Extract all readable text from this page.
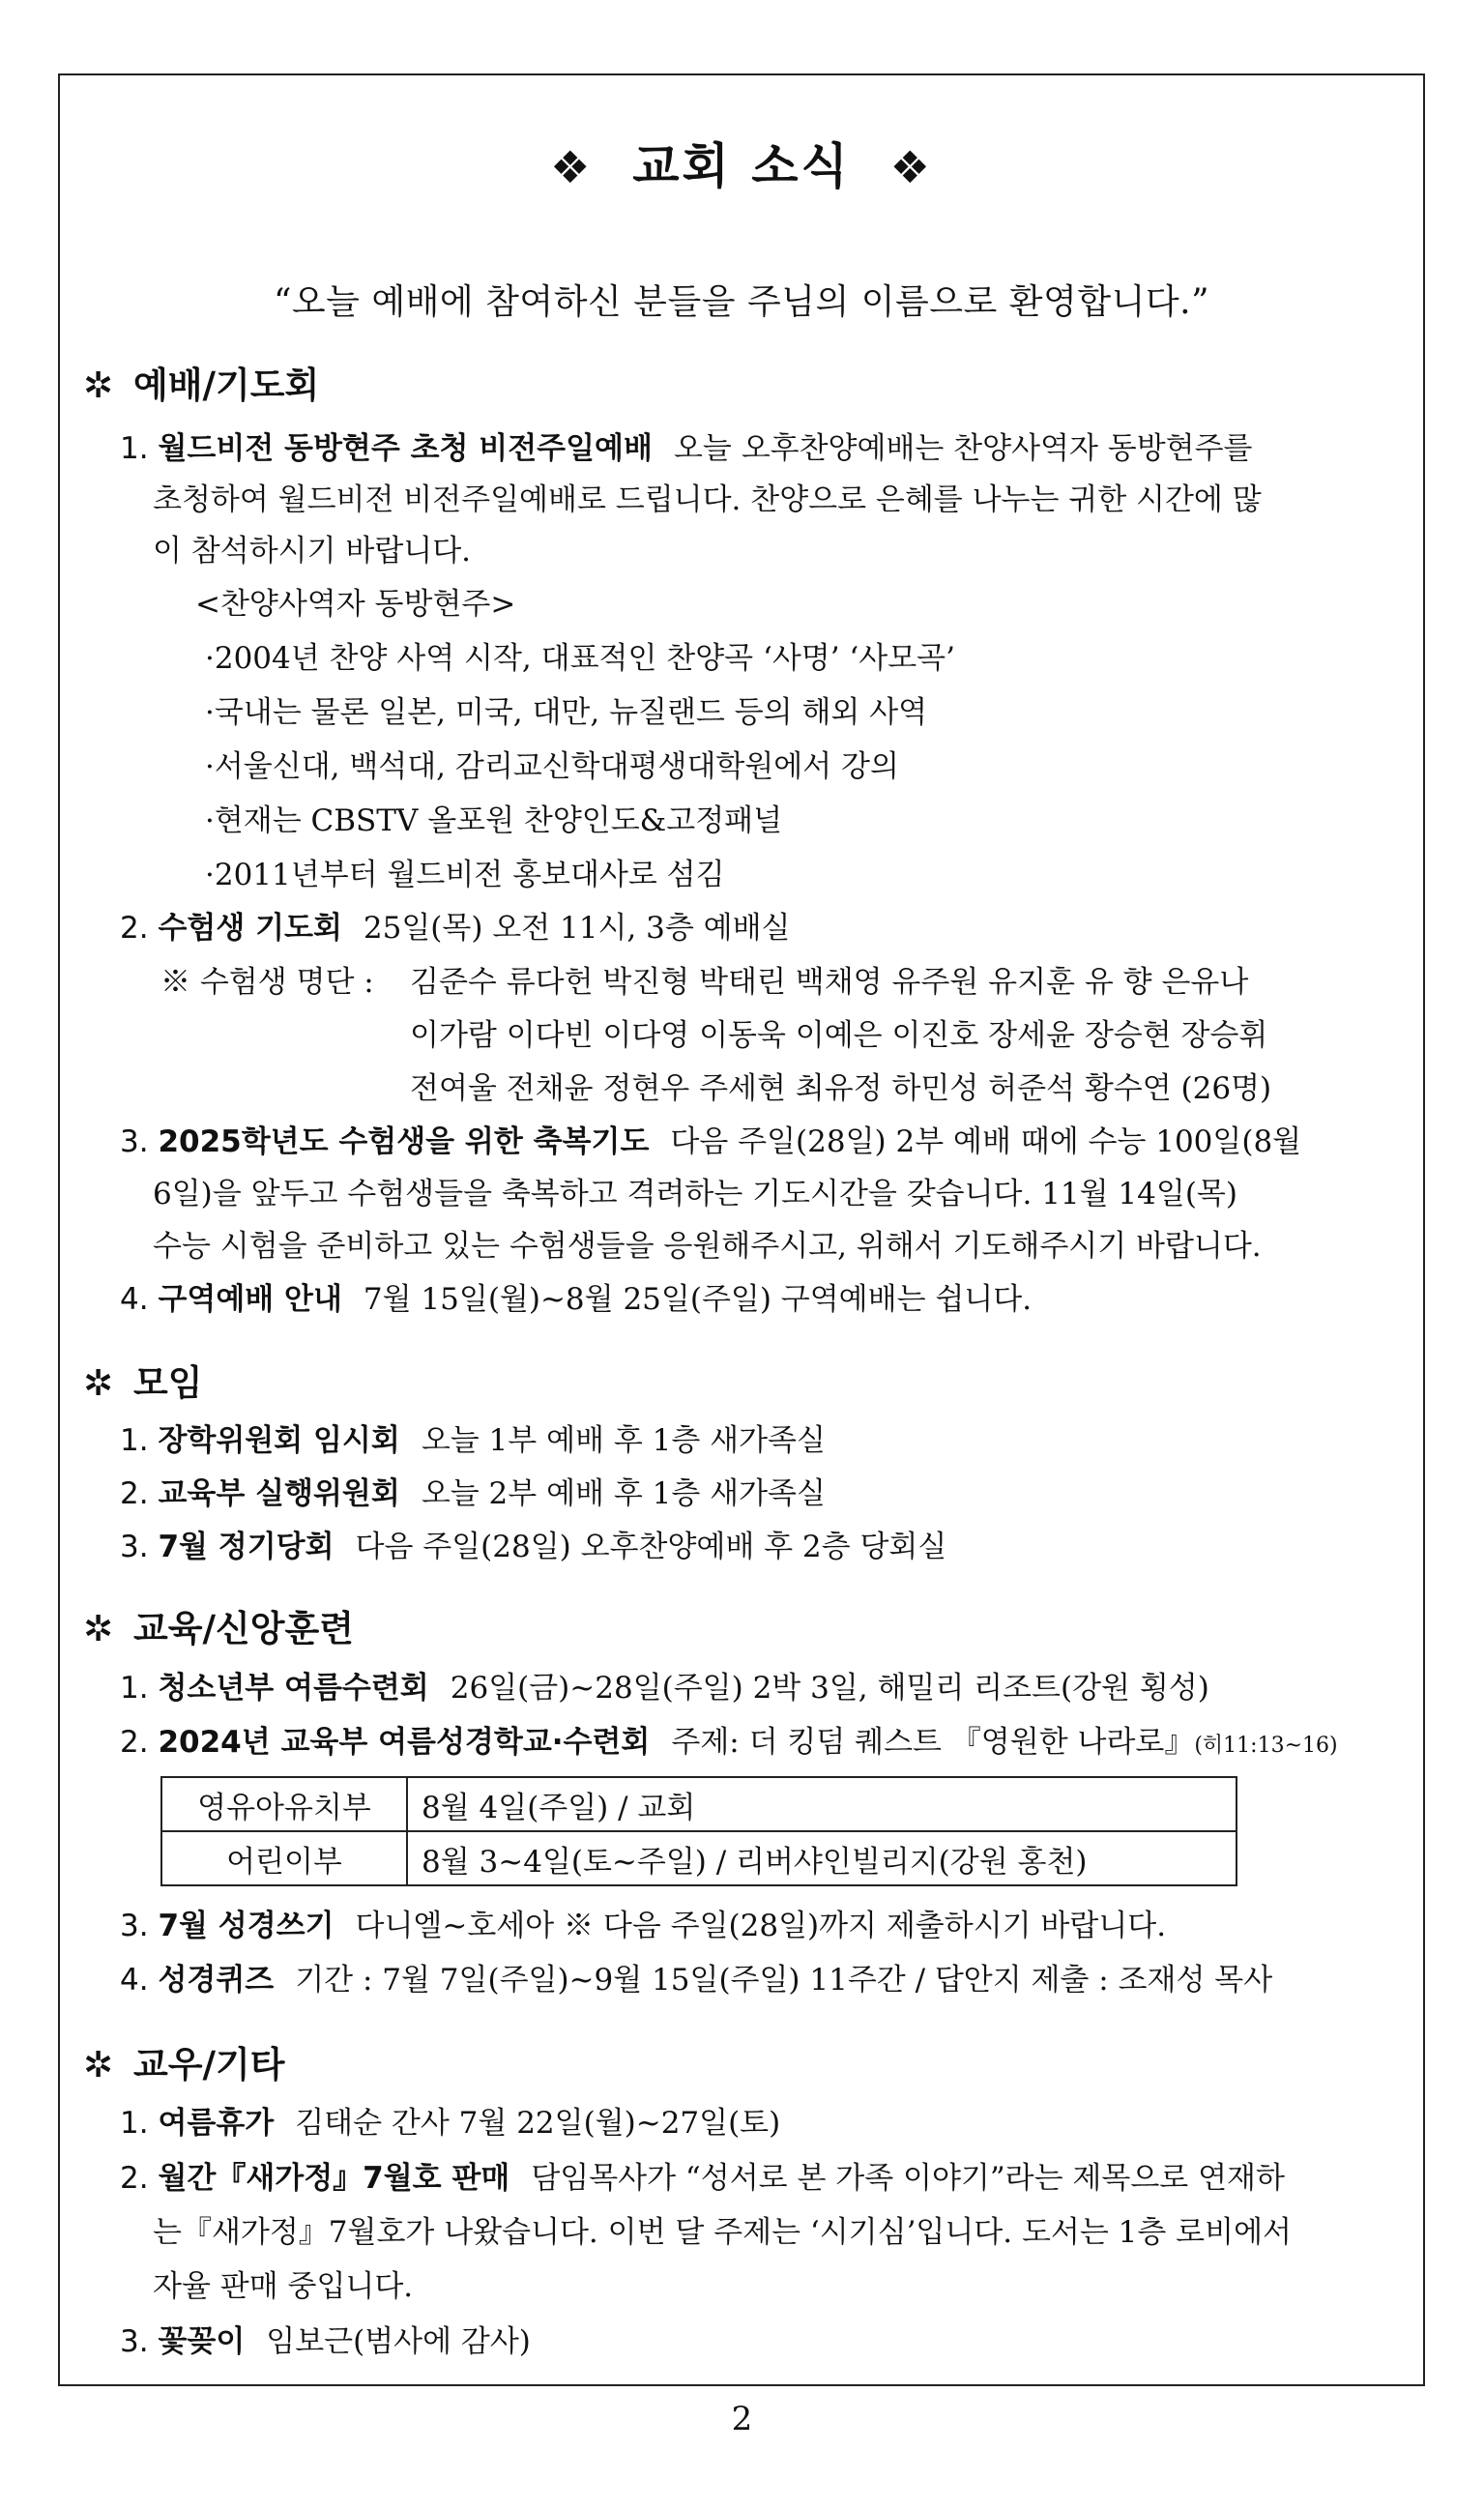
❖ 교회 소식 ❖
“오늘 예배에 참여하신 분들을 주님의 이름으로 환영합니다.”
✲ 예배/기도회
1. 월드비전 동방현주 초청 비전주일예배 오늘 오후찬양예배는 찬양사역자 동방현주를
초청하여 월드비전 비전주일예배로 드립니다. 찬양으로 은혜를 나누는 귀한 시간에 많
이 참석하시기 바랍니다.
<찬양사역자 동방현주>
·2004년 찬양 사역 시작, 대표적인 찬양곡 ‘사명’ ‘사모곡’
·국내는 물론 일본, 미국, 대만, 뉴질랜드 등의 해외 사역
·서울신대, 백석대, 감리교신학대평생대학원에서 강의
·현재는 CBSTV 올포원 찬양인도&고정패널
·2011년부터 월드비전 홍보대사로 섬김
2. 수험생 기도회 25일(목) 오전 11시, 3층 예배실
※ 수험생 명단 : 김준수 류다헌 박진형 박태린 백채영 유주원 유지훈 유 향 은유나
이가람 이다빈 이다영 이동욱 이예은 이진호 장세윤 장승현 장승휘
전여울 전채윤 정현우 주세현 최유정 하민성 허준석 황수연 (26명)
3. 2025학년도 수험생을 위한 축복기도 다음 주일(28일) 2부 예배 때에 수능 100일(8월
6일)을 앞두고 수험생들을 축복하고 격려하는 기도시간을 갖습니다. 11월 14일(목)
수능 시험을 준비하고 있는 수험생들을 응원해주시고, 위해서 기도해주시기 바랍니다.
4. 구역예배 안내 7월 15일(월)~8월 25일(주일) 구역예배는 쉽니다.
✲ 모임
1. 장학위원회 임시회 오늘 1부 예배 후 1층 새가족실
2. 교육부 실행위원회 오늘 2부 예배 후 1층 새가족실
3. 7월 정기당회 다음 주일(28일) 오후찬양예배 후 2층 당회실
✲ 교육/신앙훈련
1. 청소년부 여름수련회 26일(금)~28일(주일) 2박 3일, 해밀리 리조트(강원 횡성)
2. 2024년 교육부 여름성경학교·수련회 주제: 더 킹덤 퀘스트 『영원한 나라로』(히11:13~16)
영유아유치부	8월 4일(주일) / 교회
어린이부	8월 3~4일(토~주일) / 리버샤인빌리지(강원 홍천)
3. 7월 성경쓰기 다니엘~호세아 ※ 다음 주일(28일)까지 제출하시기 바랍니다.
4. 성경퀴즈 기간 : 7월 7일(주일)~9월 15일(주일) 11주간 / 답안지 제출 : 조재성 목사
✲ 교우/기타
1. 여름휴가 김태순 간사 7월 22일(월)~27일(토)
2. 월간『새가정』7월호 판매 담임목사가 “성서로 본 가족 이야기”라는 제목으로 연재하
는『새가정』7월호가 나왔습니다. 이번 달 주제는 ‘시기심’입니다. 도서는 1층 로비에서
자율 판매 중입니다.
3. 꽃꽂이 임보근(범사에 감사)
2
